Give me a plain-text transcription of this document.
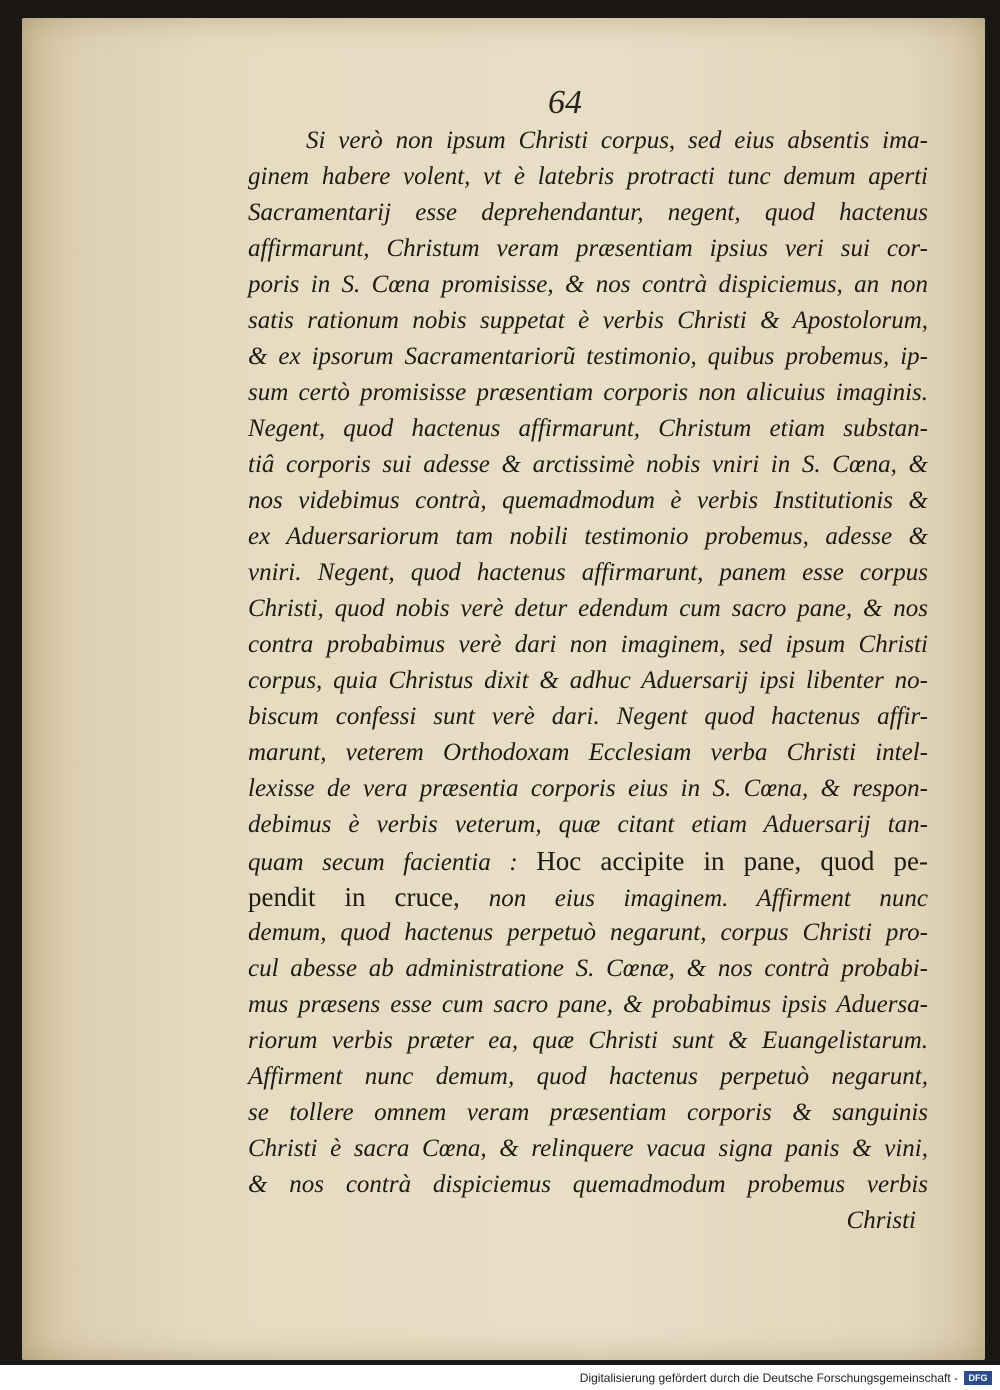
64
Si verò non ipsum Christi corpus, sed eius absentis ima-
ginem habere volent, vt è latebris protracti tunc demum aperti
Sacramentarij esse deprehendantur, negent, quod hactenus
affirmarunt, Christum veram præsentiam ipsius veri sui cor-
poris in S. Cœna promisisse, & nos contrà dispiciemus, an non
satis rationum nobis suppetat è verbis Christi & Apostolorum,
& ex ipsorum Sacramentariorũ testimonio, quibus probemus, ip-
sum certò promisisse præsentiam corporis non alicuius imaginis.
Negent, quod hactenus affirmarunt, Christum etiam substan-
tiâ corporis sui adesse & arctissimè nobis vniri in S. Cœna, &
nos videbimus contrà, quemadmodum è verbis Institutionis &
ex Aduersariorum tam nobili testimonio probemus, adesse &
vniri. Negent, quod hactenus affirmarunt, panem esse corpus
Christi, quod nobis verè detur edendum cum sacro pane, & nos
contra probabimus verè dari non imaginem, sed ipsum Christi
corpus, quia Christus dixit & adhuc Aduersarij ipsi libenter no-
biscum confessi sunt verè dari. Negent quod hactenus affir-
marunt, veterem Orthodoxam Ecclesiam verba Christi intel-
lexisse de vera præsentia corporis eius in S. Cœna, & respon-
debimus è verbis veterum, quæ citant etiam Aduersarij tan-
quam secum facientia : Hoc accipite in pane, quod pe-
pendit in cruce, non eius imaginem. Affirment nunc
demum, quod hactenus perpetuò negarunt, corpus Christi pro-
cul abesse ab administratione S. Cœnæ, & nos contrà probabi-
mus præsens esse cum sacro pane, & probabimus ipsis Aduersa-
riorum verbis præter ea, quæ Christi sunt & Euangelistarum.
Affirment nunc demum, quod hactenus perpetuò negarunt,
se tollere omnem veram præsentiam corporis & sanguinis
Christi è sacra Cœna, & relinquere vacua signa panis & vini,
& nos contrà dispiciemus quemadmodum probemus verbis
Christi
Digitalisierung gefördert durch die Deutsche Forschungsgemeinschaft -	DFG
